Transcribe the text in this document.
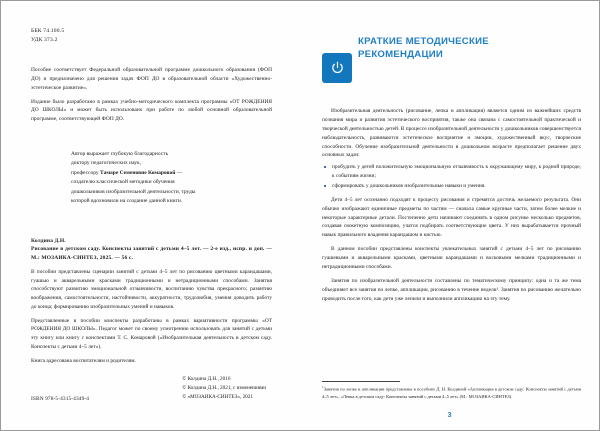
ББК 74.100.5
УДК 373.2

Пособие соответствует Федеральной образовательной программе дошкольного образования (ФОП ДО) и предназначено для решения задач ФОП ДО в образовательной области «Художественно-эстетическое развитие».

Издание было разработано в рамках учебно-методического комплекта программы «ОТ РОЖДЕНИЯ ДО ШКОЛЫ» и может быть использовано при работе по любой основной образовательной программе, соответствующей ФОП ДО.

Автор выражает глубокую благодарность
доктору педагогических наук,
профессору Тамаре Семеновне Комаровой —
создателю классической методики обучения
дошкольников изобразительной деятельности, труды
которой вдохновили на создание данной книги.
Колдина Д.Н.
Рисование в детском саду. Конспекты занятий с детьми 4–5 лет. — 2-е изд., испр. и доп. — М.: МОЗАИКА-СИНТЕЗ, 2025. — 56 с.

В пособии представлены сценарии занятий с детьми 4–5 лет по рисованию цветными карандашами, гуашью и акварельными красками традиционными и нетрадиционными способами. Занятия способствуют развитию эмоциональной отзывчивости, воспитанию чувства прекрасного; развитию воображения, самостоятельности, настойчивости, аккуратности, трудолюбия, умения доводить работу до конца; формированию изобразительных умений и навыков.

Представленные в пособии конспекты разработаны в рамках вариативности программы «ОТ РОЖДЕНИЯ ДО ШКОЛЫ». Педагог может по своему усмотрению использовать для занятий с детьми эту книгу или книгу с конспектами Т. С. Комаровой («Изобразительная деятельность в детском саду. Конспекты с детьми 4–5 лет»).

Книга адресована воспитателям и родителям.

ISBN 978-5-4315-4349-4
© Колдина Д.Н., 2016
© Колдина Д.Н., 2021, с изменениями
© «МОЗАИКА-СИНТЕЗ», 2021
КРАТКИЕ МЕТОДИЧЕСКИЕ
РЕКОМЕНДАЦИИ

Изобразительная деятельность (рисование, лепка и аппликация) является одним из важнейших средств познания мира и развития эстетического восприятия, также она связана с самостоятельной практической и творческой деятельностью детей. В процессе изобразительной деятельности у дошкольников совершенствуется наблюдательность, развиваются эстетическое восприятие и эмоции, художественный вкус, творческие способности. Обучение изобразительной деятельности в дошкольном возрасте предполагает решение двух основных задач:

пробудить у детей положительную эмоциональную отзывчивость к окружающему миру, к родной природе, к событиям жизни;
сформировать у дошкольников изобразительные навыки и умения.

Дети 4–5 лет осознанно подходят к процессу рисования и стремятся достичь желаемого результата. Они обычно изображают единичные предметы по частям — сначала самые крупные части, затем более мелкие и некоторые характерные детали. Постепенно дети начинают соединять в одном рисунке несколько предметов, создавая сюжетную композицию, учатся подбирать соответствующие цвета. У них вырабатывается прочный навык правильного владения карандашом и кистью.

В данном пособии представлены конспекты увлекательных занятий с детьми 4–5 лет по рисованию гуашевыми и акварельными красками, цветными карандашами и восковыми мелками традиционными и нетрадиционными способами.

Занятия по изобразительной деятельности составлены по тематическому принципу: одна и та же тема объединяет все занятия по лепке, аппликации, рисованию в течение недели¹. Занятия по рисованию желательно проводить после того, как дети уже лепили и выполнили аппликацию на эту тему.

$^1$Занятия по лепке и аппликации представлены в пособиях Д. Н. Колдиной «Аппликация в детском саду: Конспекты занятий с детьми 4–5 лет», «Лепка в детском саду: Конспекты занятий с детьми 4–5 лет» (М.: МОЗАИКА-СИНТЕЗ).
3
